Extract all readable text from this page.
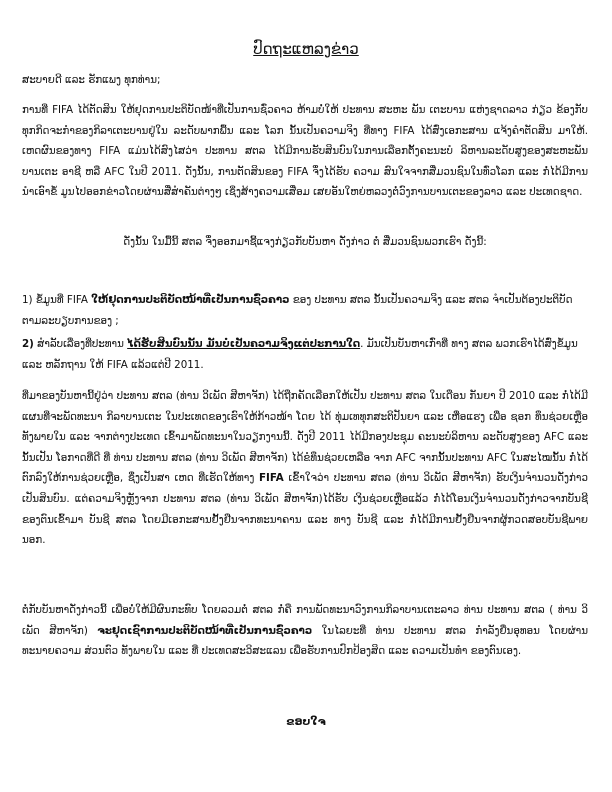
ປົດຖະແຫລງຂ່າວ

ສະບາຍດີ ແລະ ຮັກແພງ ທຸກທ່ານ;

ການທີ່ FIFA ໄດ້ຕັດສິນ ໃຫ້ຢຸດການປະຕິບັດໜ້າທີ່ເປັນການຊົ່ວຄາວ ຫ້າມບໍ່ໃຫ້ ປະທານ ສະຫະ ພັນ ເຕະບານ ແຫ່ງຊາດລາວ ກ່ຽວ ຂ້ອງກັບທຸກກິດຈະກໍາຂອງກິລາເຕະບານຢູ່ໃນ ລະດັບພາກພື້ນ ແລະ ໂລກ ນັ້ນເປັນຄວາມຈິງ ທີ່ທາງ FIFA ໄດ້ສົ່ງເອກະສານ ແຈ້ງຄໍາຕັດສິນ ມາໃຫ້. ເຫດຜົນຂອງທາງ FIFA ແມ່ນໄດ້ສົງໄສວ່າ ປະທານ ສຕລ ໄດ້ມີການຮັບສິນບົນໃນການເລືອກຕັ້ງຄະນະບໍ ລິຫານລະດັບສູງຂອງສະຫະພັນບານເຕະ ອາຊີ ຫລື AFC ໃນປີ 2011. ດັ່ງນັ້ນ, ການຕັດສິນຂອງ FIFA ຈຶ່ງໄດ້ຮັບ ຄວາມ ສົນໃຈຈາກສື່ມວນຊົນໃນທົ່ວໂລກ ແລະ ກໍ່ໄດ້ມີການນໍາເອົາຂໍ້ ມູນໄປອອກຂ່າວໂດຍຜ່ານສື່ສໍາຄັນຕ່າງໆ ເຊິ່ງສ້າງຄວາມເສື່ອມ ເສຍອັນໃຫຍ່ຫລວງຕໍ່ວົງການບານເຕະຂອງລາວ ແລະ ປະເທດຊາດ.

ດັ່ງນັ້ນ ໃນມື້ນີ້ ສຕລ ຈຶ່ງອອກມາຊີ້ແຈງກ່ຽວກັບບັນຫາ ດັ່ງກ່າວ ຕໍ່ ສື່ມວນຊົນພວກເຮົາ ດັ່ງນີ້:

1) ຂໍ້ມູນທີ່ FIFA ໃຫ້ຢຸດການປະຕິບັດໜ້າທີ່ເປັນການຊົ່ວຄາວ ຂອງ ປະທານ ສຕລ ນັ້ນເປັນຄວາມຈິງ ແລະ ສຕລ ຈໍາເປັນຕ້ອງປະຕິບັດ ຕາມລະບຽບການຂອງ ;

2) ສໍາລັບເລື່ອງທີ່ປະທານ ໄດ້ຮັບສິນບົນນັ້ນ ມັນບໍ່ເປັນຄວາມຈິງແຕ່ປະການໃດ. ມັນເປັນບັນຫາເກົ່າທີ່ ທາງ ສຕລ ພວກເຮົາໄດ້ສົ່ງຂໍ້ມູນ ແລະ ຫລັກຖານ ໃຫ້ FIFA ແລ້ວແຕ່ປີ 2011.

ທີ່ມາຂອງບັນຫານີ້ຢູ່ວ່າ ປະທານ ສຕລ (ທ່ານ ວິເພັດ ສີຫາຈັກ) ໄດ້ຖືກຄັດເລືອກໃຫ້ເປັນ ປະທານ ສຕລ ໃນເດືອນ ກັນຍາ ປີ 2010 ແລະ ກໍ່ໄດ້ມີແຜນທີ່ຈະພັດທະນາ ກິລາບານເຕະ ໃນປະເທດຂອງເຮົາໃຫ້ກ້າວໜ້າ ໂດຍ ໄດ້ ທຸ່ມເທທຸກສະຕິປັນຍາ ແລະ ເຫື່ອແຮງ ເພື່ອ ຊອກ ທຶນຊ່ວຍເຫຼືອ ທັງພາຍໃນ ແລະ ຈາກຕ່າງປະເທດ ເຂົ້າມາພັດທະນາໃນວຽກງານນີ້. ດັ່ງປີ 2011 ໄດ້ມີກອງປະຊຸມ ຄະນະບໍລິຫານ ລະດັບສູງຂອງ AFC ແລະ ນັ້ນເປັນ ໂອກາດທີ່ດີ ທີ່ ທ່ານ ປະທານ ສຕລ (ທ່ານ ວິເພັດ ສີຫາຈັກ) ໄດ້ຂໍທຶນຊ່ວຍເຫລືອ ຈາກ AFC ຈາກນັ້ນປະທານ AFC ໃນສະໄໝນັ້ນ ກໍ່ໄດ້ຕົກລົງໃຫ້ການຊ່ວຍເຫຼືອ, ຊຶ່ງເປັນສາ ເຫດ ທີ່ເຮັດໃຫ້ທາງ FIFA ເຂົ້າໃຈວ່າ ປະທານ ສຕລ (ທ່ານ ວິເພັດ ສີຫາຈັກ) ຮັບເງິນຈໍານວນດັ່ງກ່າວເປັນສິນບົນ. ແຕ່ຄວາມຈິງຫຼັງຈາກ ປະທານ ສຕລ (ທ່ານ ວິເພັດ ສີຫາຈັກ)ໄດ້ຮັບ ເງິນຊ່ວຍເຫຼືອແລ້ວ ກໍ່ໄດ້ໂອນເງິນຈໍານວນດັ່ງກ່າວຈາກບັນຊີຂອງຕົນເຂົ້າມາ ບັນຊີ ສຕລ ໂດຍມີເອກະສານຢັ້ງຢືນຈາກທະນາຄານ ແລະ ທາງ ບັນຊີ ແລະ ກໍ່ໄດ້ມີການຢັ້ງຢືນຈາກຜູ້ກວດສອບບັນຊີພາຍນອກ.

ຕໍ່ກັບບັນຫາດັ່ງກ່າວນີ້ ເພື່ອບໍ່ໃຫ້ມີຜົນກະທົບ ໂດຍລວມຕໍ່ ສຕລ ກໍ່ຄື ການພັດທະນາວົງການກິລາບານເຕະລາວ ທ່ານ ປະທານ ສຕລ ( ທ່ານ ວິເພັດ ສີຫາຈັກ) ຈະຢຸດເຊົາການປະຕິບັດໜ້າທີ່ເປັນການຊົ່ວຄາວ ໃນໄລຍະທີ່ ທ່ານ ປະທານ ສຕລ ກໍາລັງຍື່ນອຸທອນ ໂດຍຜ່ານ ທະນາຍຄວາມ ສ່ວນຕົວ ທັງພາຍໃນ ແລະ ທີ່ ປະເທດສະວິສະແລນ ເພື່ອຮັບການປົກປ້ອງສິດ ແລະ ຄວາມເປັນທໍາ ຂອງຕົນເອງ.

ຂອບໃຈ
